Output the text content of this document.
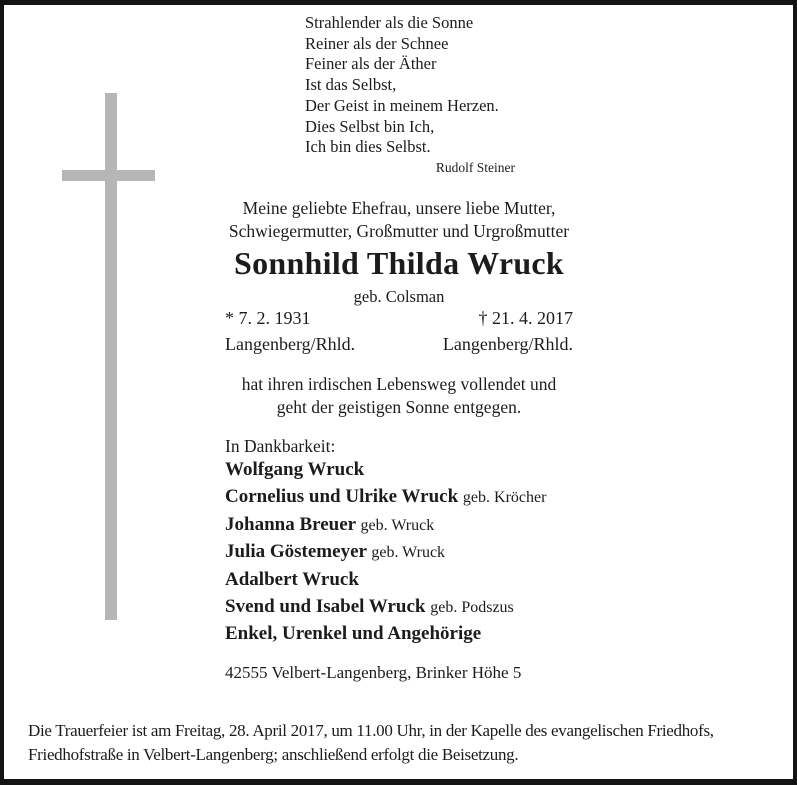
Strahlender als die Sonne
Reiner als der Schnee
Feiner als der Äther
Ist das Selbst,
Der Geist in meinem Herzen.
Dies Selbst bin Ich,
Ich bin dies Selbst.
Rudolf Steiner
Meine geliebte Ehefrau, unsere liebe Mutter,
Schwiegermutter, Großmutter und Urgroßmutter
Sonnhild Thilda Wruck
geb. Colsman
* 7. 2. 1931	† 21. 4. 2017
Langenberg/Rhld.	Langenberg/Rhld.
hat ihren irdischen Lebensweg vollendet und
geht der geistigen Sonne entgegen.
In Dankbarkeit:
Wolfgang Wruck
Cornelius und Ulrike Wruck geb. Kröcher
Johanna Breuer geb. Wruck
Julia Göstemeyer geb. Wruck
Adalbert Wruck
Svend und Isabel Wruck geb. Podszus
Enkel, Urenkel und Angehörige
42555 Velbert-Langenberg, Brinker Höhe 5
Die Trauerfeier ist am Freitag, 28. April 2017, um 11.00 Uhr, in der Kapelle des evangelischen Friedhofs,
Friedhofstraße in Velbert-Langenberg; anschließend erfolgt die Beisetzung.
